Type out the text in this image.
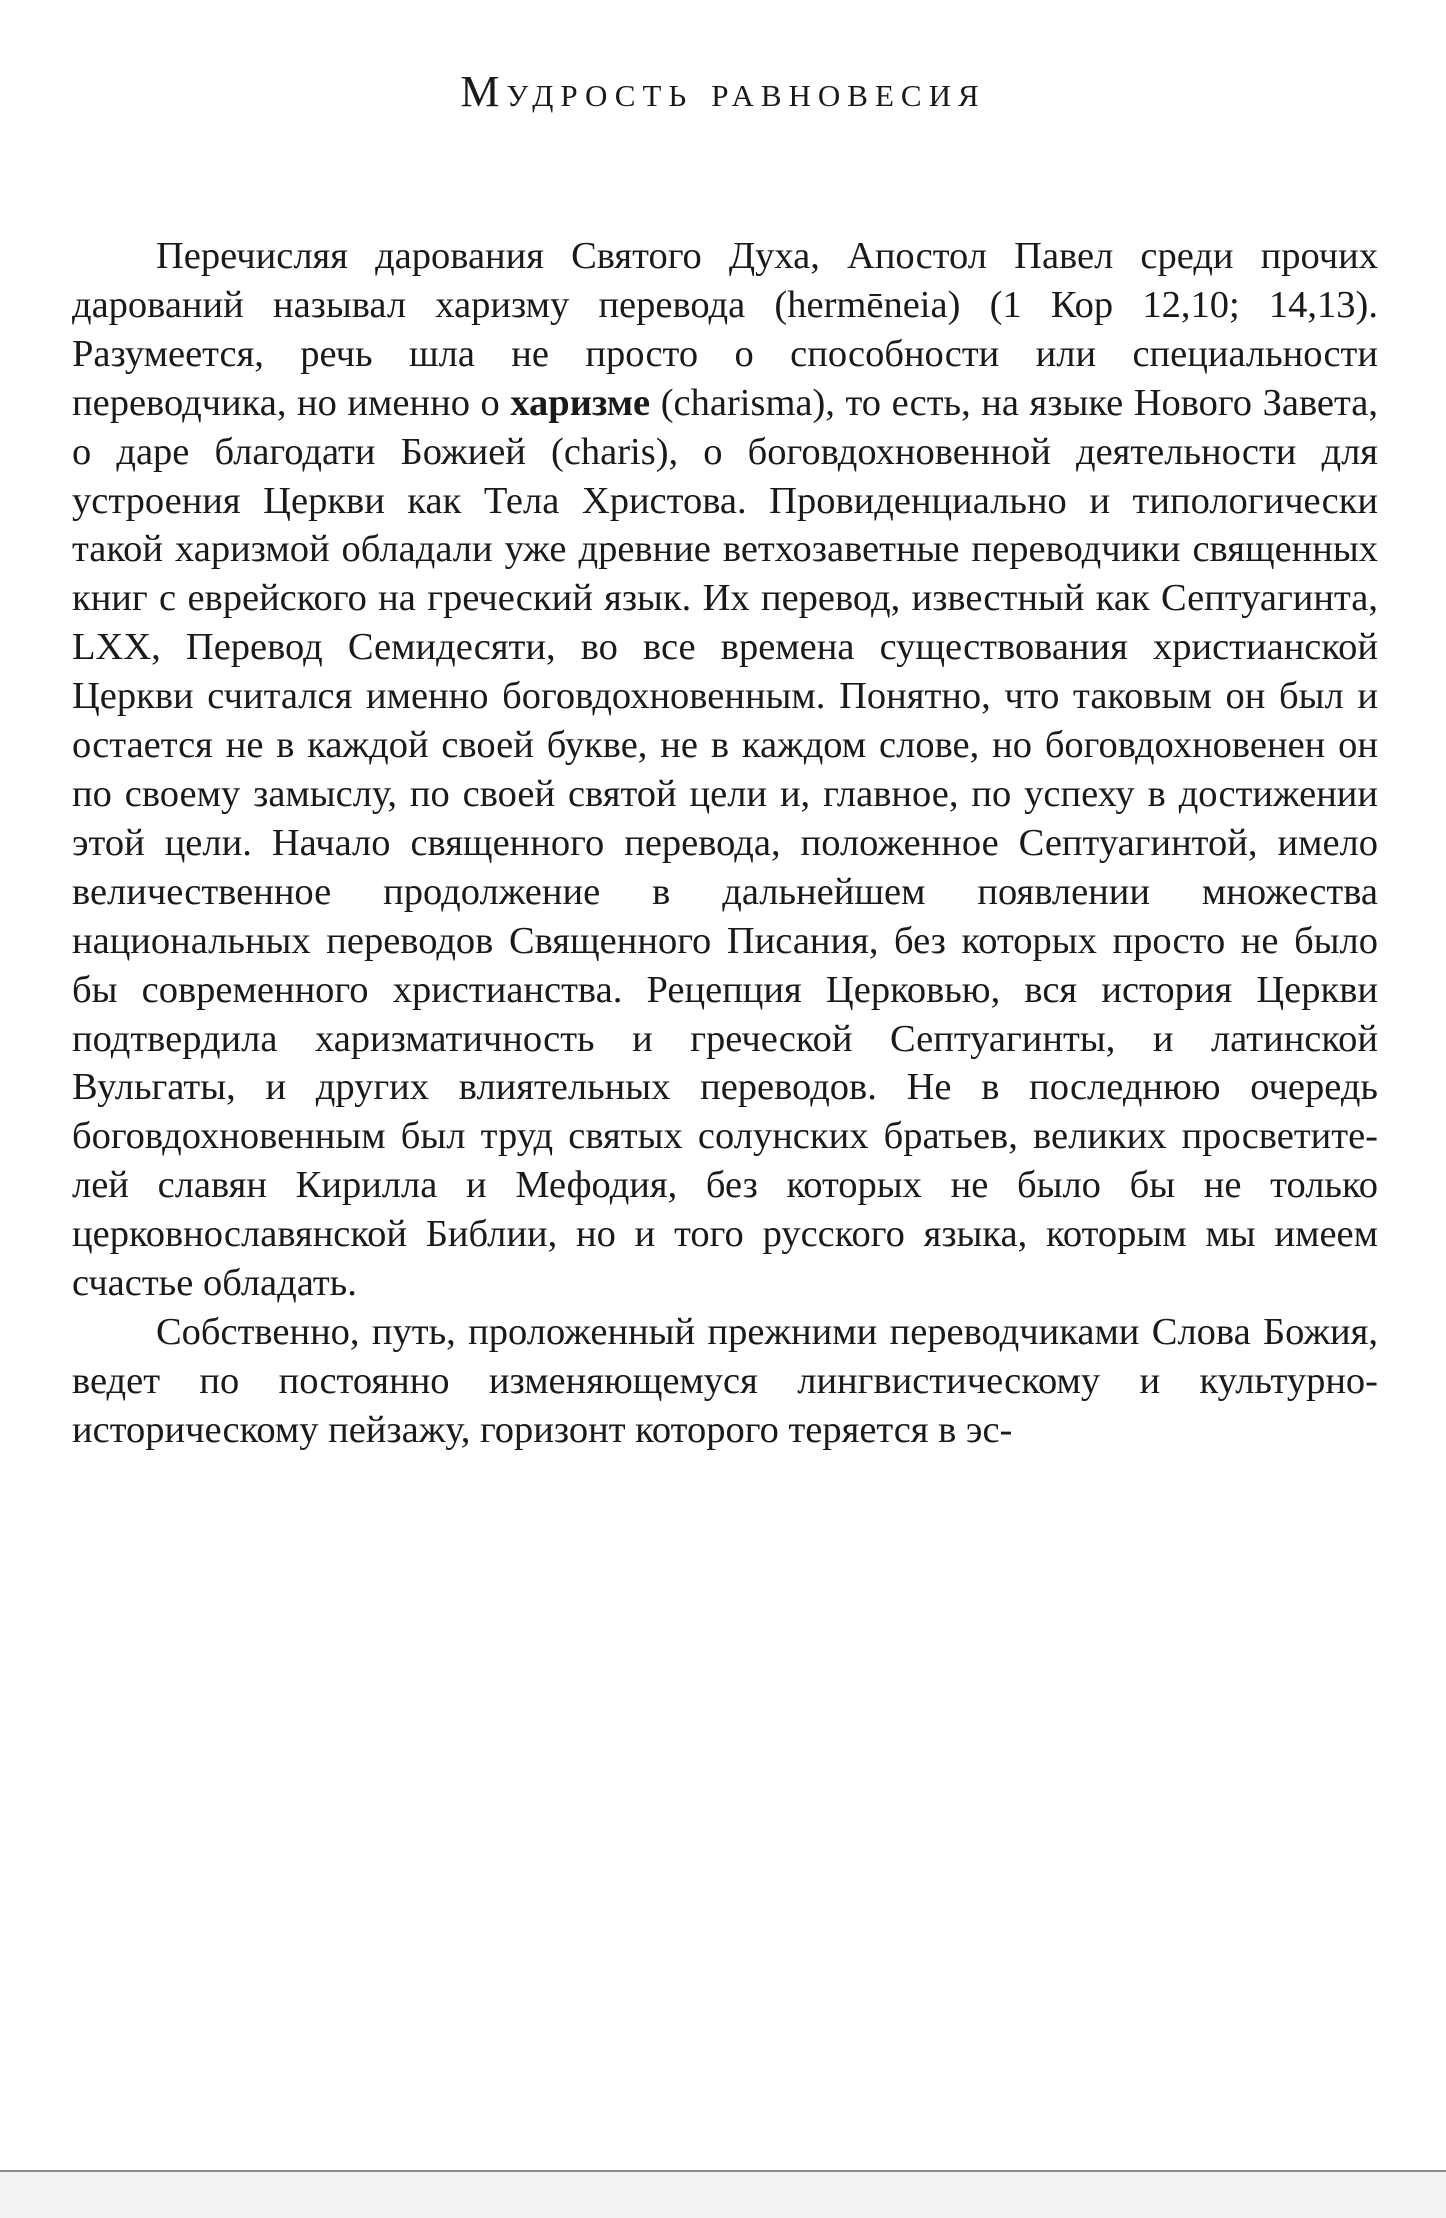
Мудрость равновесия

Перечисляя дарования Святого Духа, Апостол Павел среди прочих дарований называл харизму перевода (hermēneia) (1 Кор 12,10; 14,13). Разумеется, речь шла не просто о способности или специальности переводчика, но именно о харизме (charisma), то есть, на языке Нового Завета, о даре благодати Божией (charis), о боговдохновенной деятельности для устроения Церкви как Тела Христова. Провиденциально и типологически такой харизмой обладали уже древние ветхозаветные переводчики священных книг с еврейского на греческий язык. Их перевод, известный как Септуагинта, LXX, Перевод Семидесяти, во все времена существования христианской Церкви считался именно боговдохновенным. Понятно, что таковым он был и остается не в каждой своей букве, не в каждом слове, но боговдохновенен он по своему замыслу, по своей святой цели и, главное, по успеху в достижении этой цели. Начало священного перевода, положенное Септуагинтой, имело величественное продолжение в дальнейшем появлении множества национальных переводов Священного Писания, без которых просто не было бы современного христианства. Рецепция Церковью, вся история Церкви подтвердила харизматичность и греческой Септуагинты, и латинской Вульгаты, и других влиятельных переводов. Не в последнюю очередь боговдохновенным был труд святых солунских братьев, великих просветителей славян Кирилла и Мефодия, без которых не было бы не только церковнославянской Библии, но и того русского языка, которым мы имеем счастье обладать.

Собственно, путь, проложенный прежними переводчиками Слова Божия, ведет по постоянно изменяющемуся лингвистическому и культурно-историческому пейзажу, горизонт которого теряется в эс-
